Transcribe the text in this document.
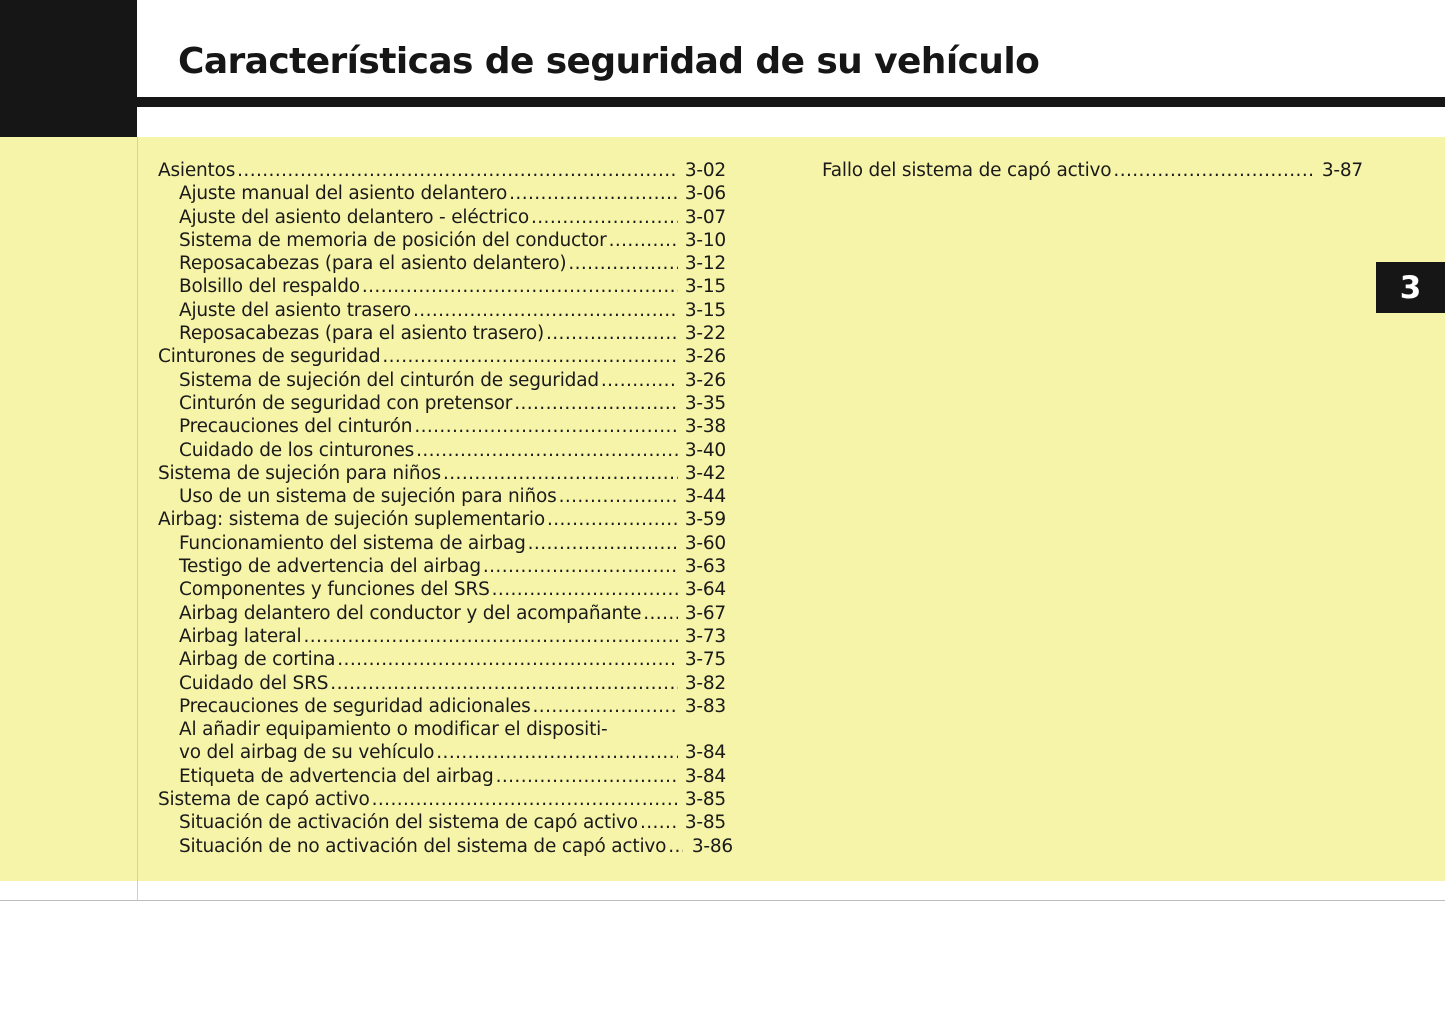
Características de seguridad de su vehículo
3
Asientos .....	3-02
Ajuste manual del asiento delantero .....	3-06
Ajuste del asiento delantero - eléctrico .....	3-07
Sistema de memoria de posición del conductor .....	3-10
Reposacabezas (para el asiento delantero) .....	3-12
Bolsillo del respaldo .....	3-15
Ajuste del asiento trasero .....	3-15
Reposacabezas (para el asiento trasero) .....	3-22
Cinturones de seguridad .....	3-26
Sistema de sujeción del cinturón de seguridad .....	3-26
Cinturón de seguridad con pretensor .....	3-35
Precauciones del cinturón .....	3-38
Cuidado de los cinturones .....	3-40
Sistema de sujeción para niños .....	3-42
Uso de un sistema de sujeción para niños .....	3-44
Airbag: sistema de sujeción suplementario .....	3-59
Funcionamiento del sistema de airbag .....	3-60
Testigo de advertencia del airbag .....	3-63
Componentes y funciones del SRS .....	3-64
Airbag delantero del conductor y del acompañante ..... 3-67
Airbag lateral .....	3-73
Airbag de cortina .....	3-75
Cuidado del SRS .....	3-82
Precauciones de seguridad adicionales .....	3-83
Al añadir equipamiento o modificar el dispositi-
vo del airbag de su vehículo .....	3-84
Etiqueta de advertencia del airbag .....	3-84
Sistema de capó activo .....	3-85
Situación de activación del sistema de capó activo .....	3-85
Situación de no activación del sistema de capó activo .....	3-86
Fallo del sistema de capó activo .....	3-87
